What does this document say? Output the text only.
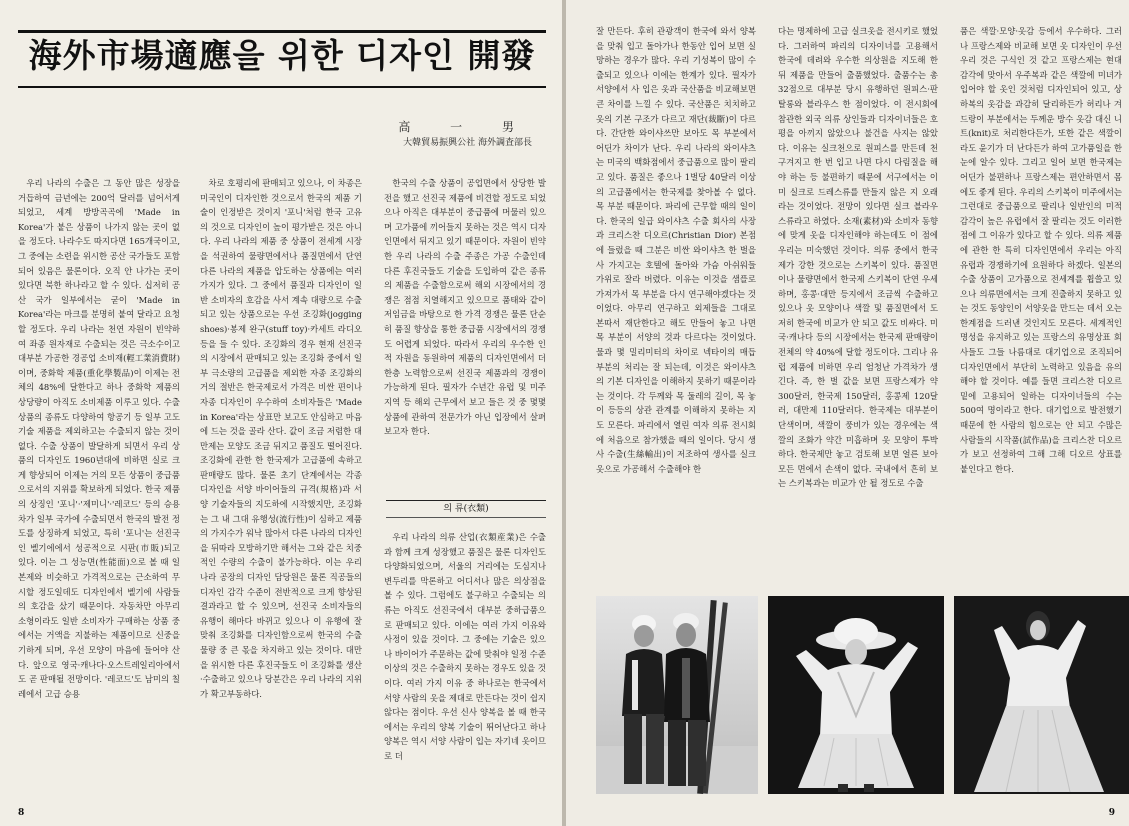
海外市場適應을 위한 디자인 開發
高 一 男
大韓貿易振興公社 海外調査部長

우리 나라의 수출은 그 동안 많은 성장을 거듭하여 금년에는 200억 달러를 넘어서게 되었고, 세계 방방곡곡에 'Made in Korea'가 붙은 상품이 나가지 않는 곳이 없을 정도다. 나라수도 따지다면 165개국이고, 그 중에는 소련을 위시한 공산 국가들도 포함되어 있음은 물론이다. 오직 안 나가는 곳이 있다면 북한 하나라고 할 수 있다. 십저히 공산 국가 일부에서는 굳이 'Made in Korea'라는 마크를 분명히 붙여 달라고 요청할 정도다. 우리 나라는 천연 자원이 빈약하여 좌종 원자재로 수출되는 것은 극소수이고 대부분 가공한 경공업 소비재(輕工業消費財)이며, 중화학 제품(重化學製品)이 이제는 전체의 48%에 달한다고 하나 중화학 제품의 상당량이 아직도 소비제품 이루고 있다. 수출 상품의 종류도 다양하여 항공기 등 일부 고도 기술 제품을 제외하고는 수출되지 않는 것이 없다. 수출 상품이 발달하게 되면서 우리 상품의 디자인도 1960년대에 비하면 실로 크게 향상되어 이제는 거의 모든 상품이 중급품으로서의 지위를 확보하게 되었다. 한국 제품의 상징인 '포니'·'제미니'·'레코드' 등의 승용차가 일부 국가에 수출되면서 한국의 발전 정도를 상징하게 되었고, 특히 '포니'는 선진국인 벨기에에서 성공적으로 시판(市販)되고 있다. 이는 그 성능면(性能面)으로 볼 때 일본제와 비슷하고 가격적으로는 근소하여 무시할 정도일데도 디자인에서 벨기에 사람들의 호감을 샀기 때문이다. 자동차만 아무리 소형이라도 일반 소비자가 구매하는 상품 중에서는 거액을 지불하는 제품이므로 신중을 기하게 되며, 우선 모양이 마음에 들어야 산다. 앞으로 영국·캐나다·오스트레일리아에서도 곧 판매될 전망이다. '레코드'도 남미의 칠레에서 고급 승용

차로 호평리에 판매되고 있으나, 이 차종은 미국인이 디자인한 것으로서 한국의 제품 기술이 인정받은 것이지 '포니'처럼 한국 고유의 것으로 디자인이 높이 평가받은 것은 아니다. 우리 나라의 제품 중 상품이 전세계 시장을 석권하여 물량면에서나 품질면에서 단연 다른 나라의 제품을 압도하는 상품에는 여러 가지가 있다. 그 중에서 품질과 디자인이 일반 소비자의 호감을 사서 계속 대량으로 수출되고 있는 상품으로는 우선 조깅화(jogging shoes)·봉제 완구(stuff toy)·카세트 라디오 등을 들 수 있다. 조깅화의 경우 현재 선진국의 시장에서 판매되고 있는 조깅화 중에서 일부 극소량의 고급품을 제외한 자종 조깅화의 거의 절반은 한국제로서 가격은 비싼 편이나 자종 디자인이 우수하여 소비자들은 'Made in Korea'라는 상표만 보고도 안심하고 마음에 드는 것을 골라 산다. 값이 조금 저렴한 대만제는 모양도 조금 뒤지고 품질도 떨어진다. 조깅화에 관한 한 한국제가 고급품에 속하고 판매량도 많다. 물론 초기 단계에서는 각종 디자인을 서양 바이어들의 규격(規格)과 서양 기술자들의 지도하에 시작했지만, 조깅화는 그 내 그대 유행성(流行性)이 심하고 제품의 가지수가 워낙 많아서 다른 나라의 디자인을 뒤따라 모방하기만 해서는 그와 같은 치중적인 수량의 수출이 불가능하다. 이는 우리 나라 공장의 디자인 담당원은 물론 직공들의 디자인 감각 수준이 전반적으로 크게 향상된 결과라고 할 수 있으며, 선진국 소비자들의 유행이 해마다 바뀌고 있으나 이 유행에 잘 맞춰 조깅화를 디자인함으로써 한국의 수출 물량 중 큰 몫을 차지하고 있는 것이다. 대만을 위시한 다른 후진국들도 이 조깅화를 생산·수출하고 있으나 당분간은 우리 나라의 지위가 확고부동하다.

한국의 수출 상품이 공업면에서 상당한 발전을 했고 선진국 제품에 비견할 정도로 되었으나 아직은 대부분이 중급품에 머물러 있으며 고가품에 끼어들지 못하는 것은 역시 디자인면에서 뒤지고 있기 때문이다. 자원이 빈약한 우리 나라의 수출 주종은 가공 수출인데 다른 후진국들도 기술을 도입하여 같은 종류의 제품을 수출함으로써 해외 시장에서의 경쟁은 점점 치열해지고 있으므로 품태와 같이 저임금을 바탕으로 한 가격 경쟁은 물론 단순히 품질 향상을 통한 중급품 시장에서의 경쟁도 어렵게 되었다. 따라서 우리의 우수한 인적 자원을 동원하여 제품의 디자인면에서 더한층 노력함으로써 선진국 제품과의 경쟁이 가능하게 된다. 필자가 수년간 유럽 및 미주 지역 등 해외 근무에서 보고 들은 것 중 몇몇 상품에 관하여 전문가가 아닌 입장에서 살펴보고자 한다.

의 류(衣類)

우리 나라의 의류 산업(衣類産業)은 수출과 함께 크게 성장했고 품질은 물론 디자인도 다양화되었으며, 서울의 거리에는 도심지나 변두리를 막론하고 어디서나 많은 의상점을 볼 수 있다. 그럼에도 불구하고 수출되는 의류는 아직도 선진국에서 대부분 중하급품으로 판매되고 있다. 이에는 여러 가지 이유와 사정이 있을 것이다. 그 중에는 기술은 있으나 바이어가 주문하는 값에 맞춰야 일정 수준 이상의 것은 수출하지 못하는 경우도 있을 것이다. 여러 가지 이유 중 하나로는 한국에서 서양 사람의 옷을 제대로 만든다는 것이 쉽지 않다는 점이다. 우선 신사 양복을 볼 때 한국에서는 우리의 양복 기술이 뛰어난다고 하나 양복은 역시 서양 사람이 입는 자기네 옷이므로 더

8

잘 만든다. 후히 관광객이 한국에 와서 양복을 맞춰 입고 돌아가나 한동안 입어 보면 실망하는 경우가 많다. 우리 기성복이 많이 수출되고 있으나 이에는 한계가 있다. 필자가 서양에서 사 입은 옷과 국산품을 비교해보면 큰 차이를 느낄 수 있다. 국산품은 치치하고 옷의 기본 구조가 다르고 재단(裁斷)이 다르다. 간단한 와이샤쓰만 보아도 목 부분에서 어딘가 차이가 난다. 우리 나라의 와이샤츠는 미국의 백화점에서 중급품으로 많이 팔리고 있다. 품질은 좋으나 1벌당 40달러 이상의 고급품에서는 한국제를 찾아볼 수 없다. 목 부분 때문이다. 파리에 근무할 때의 일이다. 한국의 일급 와이샤츠 수출 회사의 사장과 크리스찬 디오르(Christian Dior) 본점에 들렀을 때 그분은 비싼 와이샤츠 한 벌을 사 가지고는 호텔에 돌아와 가슴 아쉬워들 가위로 잘라 버렸다. 이유는 이것을 샘플로 가져가서 목 부분을 다시 연구해야겠다는 것이었다. 아무리 연구하고 외제들을 그대로 본따서 재단한다고 해도 만들어 놓고 나면 목 부분이 서양의 것과 다르다는 것이었다. 물과 몇 밀리미터의 차이로 넥타이의 매듭 부분의 처리는 잘 되는데, 이것은 와이샤츠의 기본 디자인을 이해하지 못하기 때문이라는 것이다. 각 두께와 목 둘레의 길이, 목 놓이 등등의 상관 관계를 이해하지 못하는 지도 모른다. 파리에서 열린 여자 의류 전시회에 처음으로 참가했을 때의 일이다. 당시 생사 수출(生絲輸出)이 저조하여 생사를 실크옷으로 가공해서 수출해야 한

다는 명제하에 고급 실크옷을 전시키로 했었다. 그러하여 파리의 디자이너를 고용해서 한국에 데려와 우수한 의상원을 지도해 한 뒤 제품을 만들어 출품했었다. 출품수는 총 32점으로 대부분 당시 유행하던 원피스·판탈롱와 블라우스 한 점이었다. 이 전시회에 참관한 외국 의류 상인들과 디자이너들은 호평을 아끼지 않았으나 불건을 사지는 않았다. 이유는 실크천으로 원피스를 만든데 천 구겨지고 한 번 입고 나면 다시 다림질을 해야 하는 등 불편하기 때문에 서구에서는 이미 실크로 드레스류를 만들지 않은 지 오래라는 것이었다. 전망이 있다면 실크 블라우스류라고 하였다. 소재(素材)와 소비자 동향에 맞게 옷을 디자인해야 하는데도 이 점에 우리는 미숙했던 것이다. 의류 중에서 한국제가 강한 것으로는 스키복이 있다. 품질면이나 물량면에서 한국제 스키복이 단연 우세하며, 홍콩·대만 등지에서 조금씩 수출하고 있으나 옷 모양이나 색깔 및 품질면에서 도저히 한국에 비교가 안 되고 값도 비싸다. 미국·캐나다 등의 시장에서는 한국제 판매량이 전체의 약 40%에 달할 정도이다. 그리나 유럽 제품에 비하면 우리 엄청난 가격차가 생긴다. 즉, 한 벌 값을 보면 프랑스제가 약 300달러, 한국제 150달러, 홍콩제 120달러, 대만제 110달러다. 한국제는 대부분이 단색이며, 색깔이 풍비가 있는 경우에는 색깔의 조화가 약간 미흡하며 옷 모양이 투박하다. 한국제만 놓고 검토해 보면 얼른 보아 모든 면에서 손색이 없다. 국내에서 흔히 보는 스키복과는 비교가 안 될 정도로 수출

품은 색깔·모양·옷감 등에서 우수하다. 그러나 프랑스제와 비교해 보면 옷 디자인이 우선 우리 것은 구식인 것 같고 프랑스제는 현대 감각에 맞아서 우주복과 같은 색깔에 미녀가 입어야 할 옷인 것처럼 디자인되어 있고, 상하복의 옷감을 과감히 달리하든가 허리나 겨드랑이 부분에서는 두께운 방수 옷감 대신 니트(knit)로 처리한다든가, 또한 같은 색깔이라도 윤기가 더 난다든가 하여 고가품일을 한눈에 알수 있다. 그리고 일어 보면 한국제는 어딘가 불편하나 프랑스제는 편안하면서 몸에도 좋게 된다. 우리의 스키복이 미주에서는 그런대로 중급품으로 팔리나 일반인의 미적 감각이 높은 유럽에서 잘 팔리는 것도 이러한 점에 그 이유가 있다고 할 수 있다. 의류 제품에 관한 한 특히 디자인면에서 우리는 아직 유럽과 경쟁하기에 요원하다 하겠다. 일본의 수출 상품이 고가품으로 전세계를 휩쓸고 있으나 의류면에서는 크게 진출하지 못하고 있는 것도 동양인이 서양옷을 만드는 데서 오는 한계점을 드러낸 것인지도 모른다. 세계적인 명성을 유지하고 있는 프랑스의 유명상표 회사들도 그들 나름대로 대기업으로 조직되어 디자인면에서 부단히 노력하고 있음을 유의해야 할 것이다. 예를 들면 크리스찬 디오르 밑에 고용되어 일하는 디자이너들의 수는 500여 명이라고 한다. 대기업으로 발전했기 때문에 한 사람의 힘으로는 안 되고 수많은 사람들의 시작품(試作品)을 크리스찬 디오르가 보고 선정하여 그해 그해 디오르 상표를 붙인다고 한다.

9
